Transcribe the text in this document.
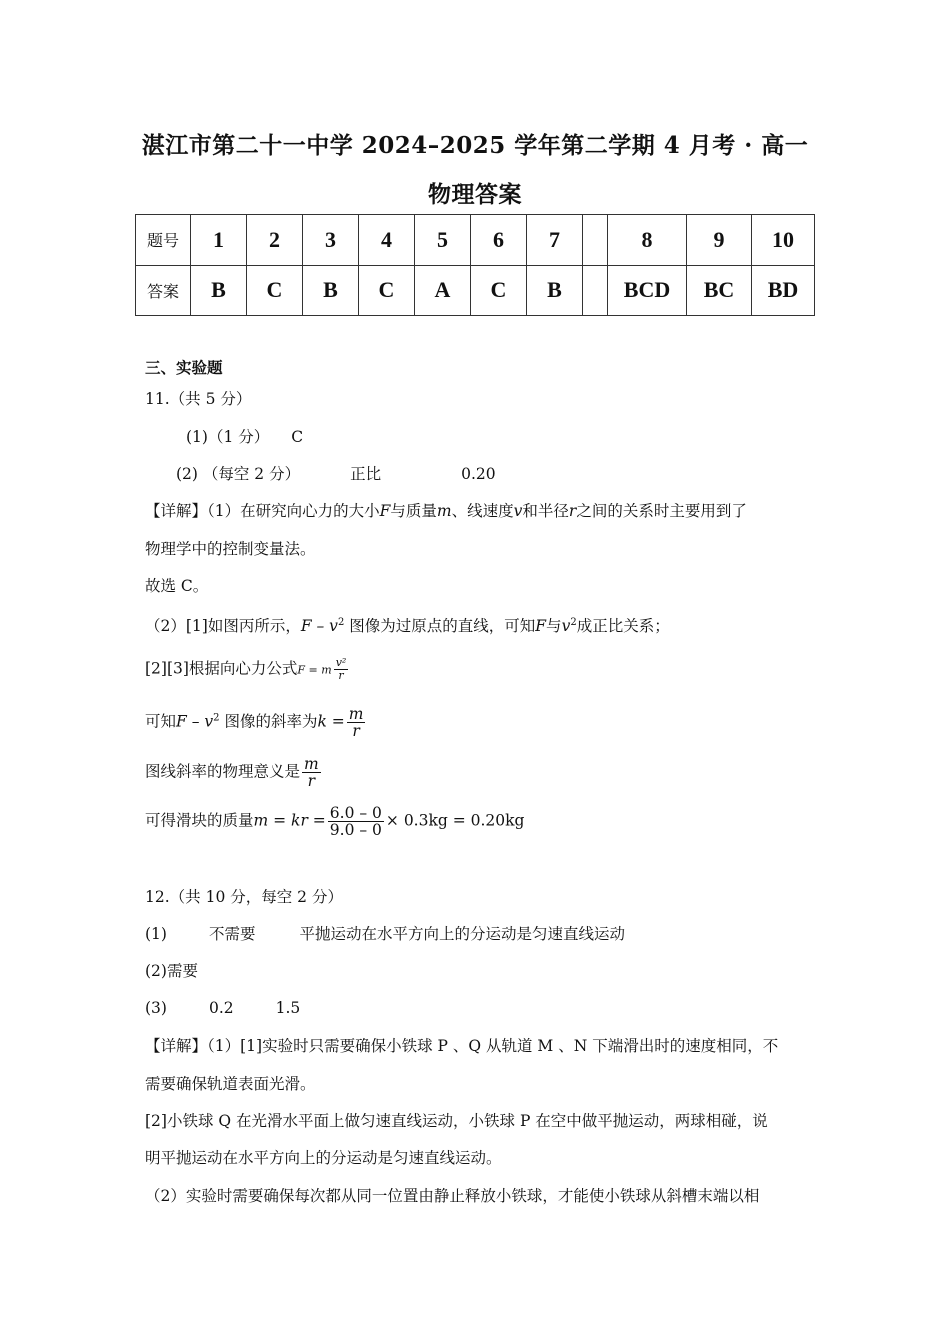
湛江市第二十一中学 2024–2025 学年第二学期 4 月考 · 高一
物理答案
题号	1	2	3	4	5	6	7		8	9	10
答案	B	C	B	C	A	C	B		BCD	BC	BD
三、实验题
11.（共 5 分）
(1)（1 分） C
(2) （每空 2 分）	正比	0.20
【详解】（1）在研究向心力的大小F与质量m、线速度v和半径r之间的关系时主要用到了
物理学中的控制变量法。
故选 C。
（2）[1]如图丙所示，F – $v^2$ 图像为过原点的直线，可知F与$v^2$成正比关系；
[2][3]根据向心力公式F = m $\frac{\text{v²}}{r}$
可知F – $v^2$ 图像的斜率为$k = \frac{m}{r}$
图线斜率的物理意义是 $\frac{m}{r}$
可得滑块的质量m = kr = $\frac{6.0 - 0}{9.0 - 0} \times 0.3kg = 0.20kg$
12.（共 10 分，每空 2 分）
(1)	不需要	平抛运动在水平方向上的分运动是匀速直线运动
(2)需要
(3)	0.2	1.5
【详解】（1）[1]实验时只需要确保小铁球 P 、Q 从轨道 M 、N 下端滑出时的速度相同，不
需要确保轨道表面光滑。
[2]小铁球 Q 在光滑水平面上做匀速直线运动，小铁球 P 在空中做平抛运动，两球相碰，说
明平抛运动在水平方向上的分运动是匀速直线运动。
（2）实验时需要确保每次都从同一位置由静止释放小铁球，才能使小铁球从斜槽末端以相
